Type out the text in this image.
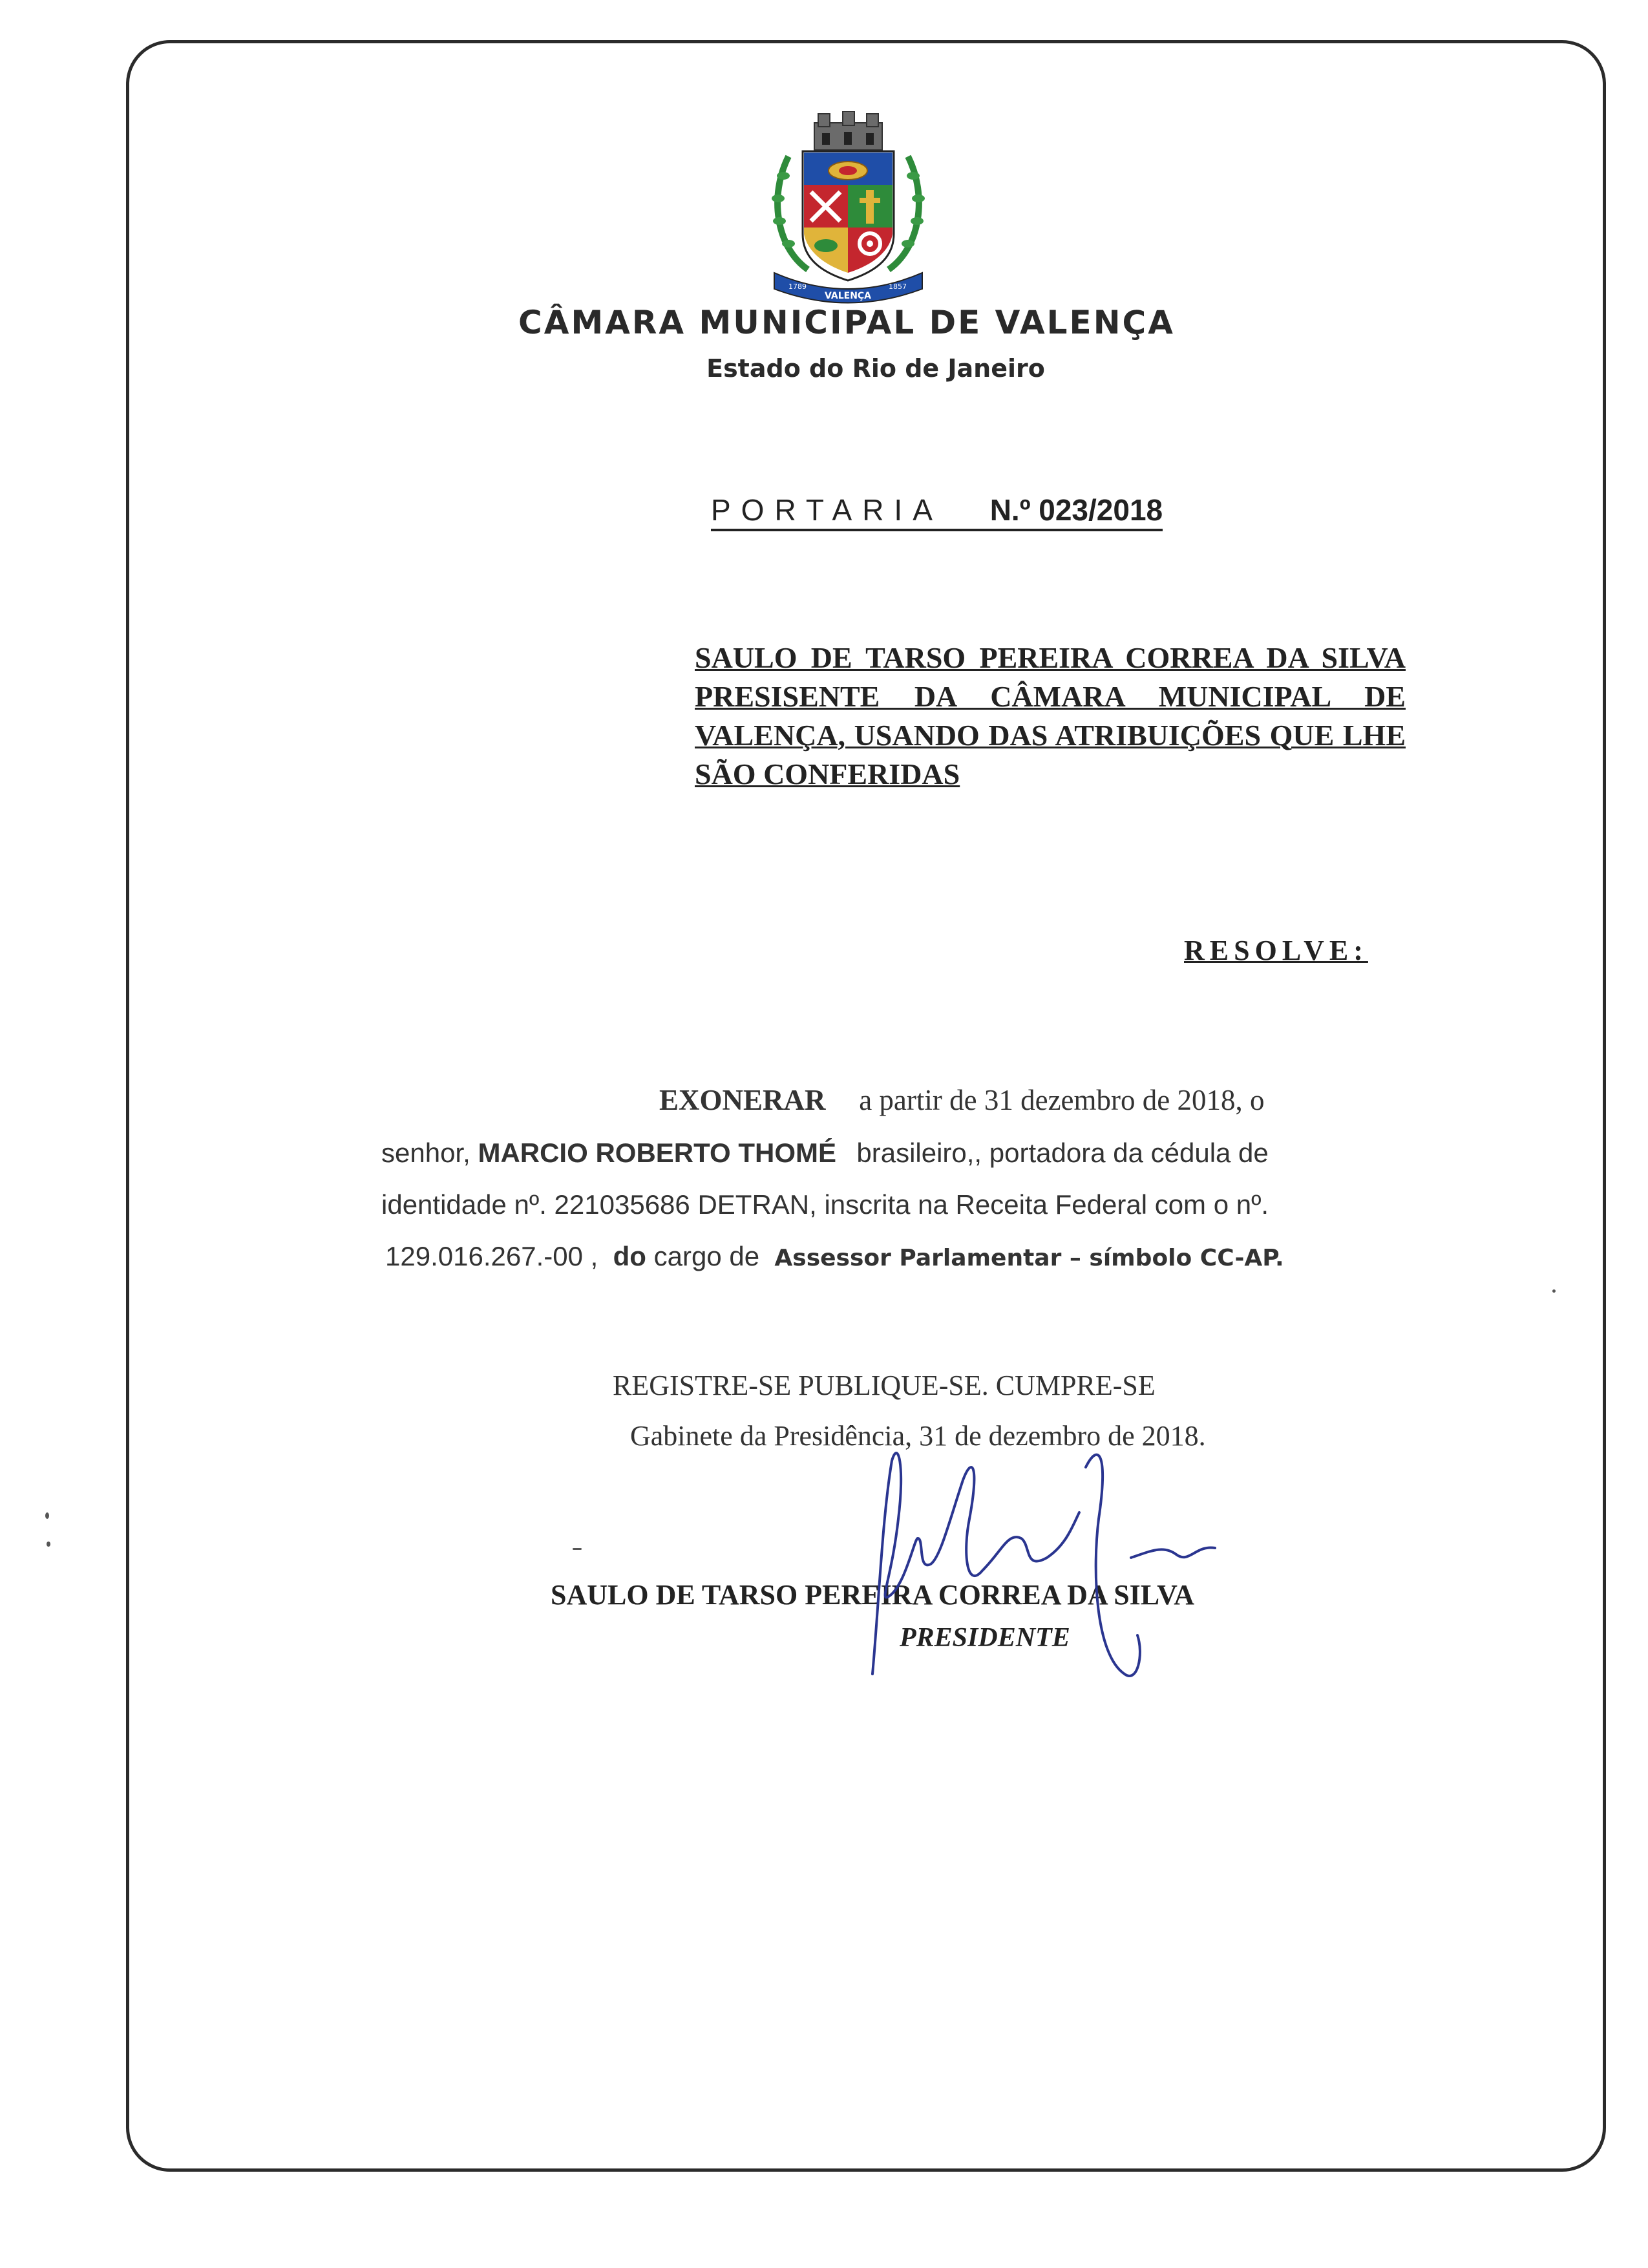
1789	1857
VALENÇA
CÂMARA MUNICIPAL DE VALENÇA
Estado do Rio de Janeiro
PORTARIA N.º 023/2018
SAULO DE TARSO PEREIRA CORREA DA SILVA PRESISENTE DA CÂMARA MUNICIPAL DE VALENÇA, USANDO DAS ATRIBUIÇÕES QUE LHE SÃO CONFERIDAS
RESOLVE:
EXONERAR a partir de 31 dezembro de 2018, o
senhor, MARCIO ROBERTO THOMÉ brasileiro,, portadora da cédula de
identidade nº. 221035686 DETRAN, inscrita na Receita Federal com o nº.
129.016.267.-00 , do cargo de Assessor Parlamentar – símbolo CC-AP.
REGISTRE-SE PUBLIQUE-SE. CUMPRE-SE
Gabinete da Presidência, 31 de dezembro de 2018.
SAULO DE TARSO PEREIRA CORREA DA SILVA
PRESIDENTE
